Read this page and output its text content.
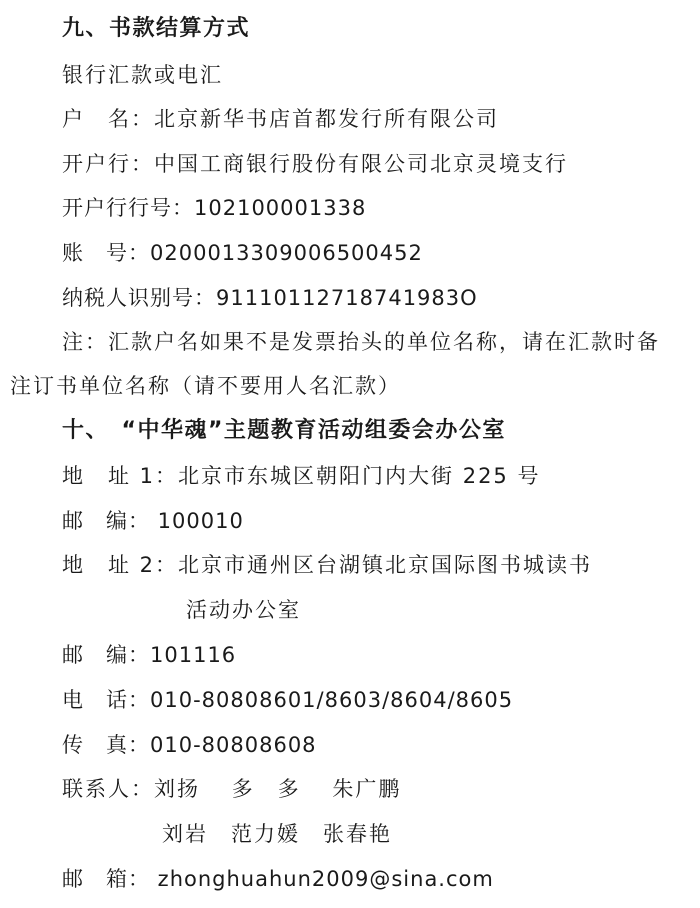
九、书款结算方式
银行汇款或电汇
户　名：北京新华书店首都发行所有限公司
开户行：中国工商银行股份有限公司北京灵境支行
开户行行号：102100001338
账　号：0200013309006500452
纳税人识别号：91110112718741983O
注：汇款户名如果不是发票抬头的单位名称，请在汇款时备
注订书单位名称（请不要用人名汇款）
十、　“中华魂”主题教育活动组委会办公室
地　址 1：北京市东城区朝阳门内大街 225 号
邮　编： 100010
地　址 2：北京市通州区台湖镇北京国际图书城读书
活动办公室
邮　编：101116
电　话：010-80808601/8603/8604/8605
传　真：010-80808608
联系人：刘扬　 多　多　 朱广鹏
刘岩　范力媛　张春艳
邮　箱： zhonghuahun2009@sina.com
